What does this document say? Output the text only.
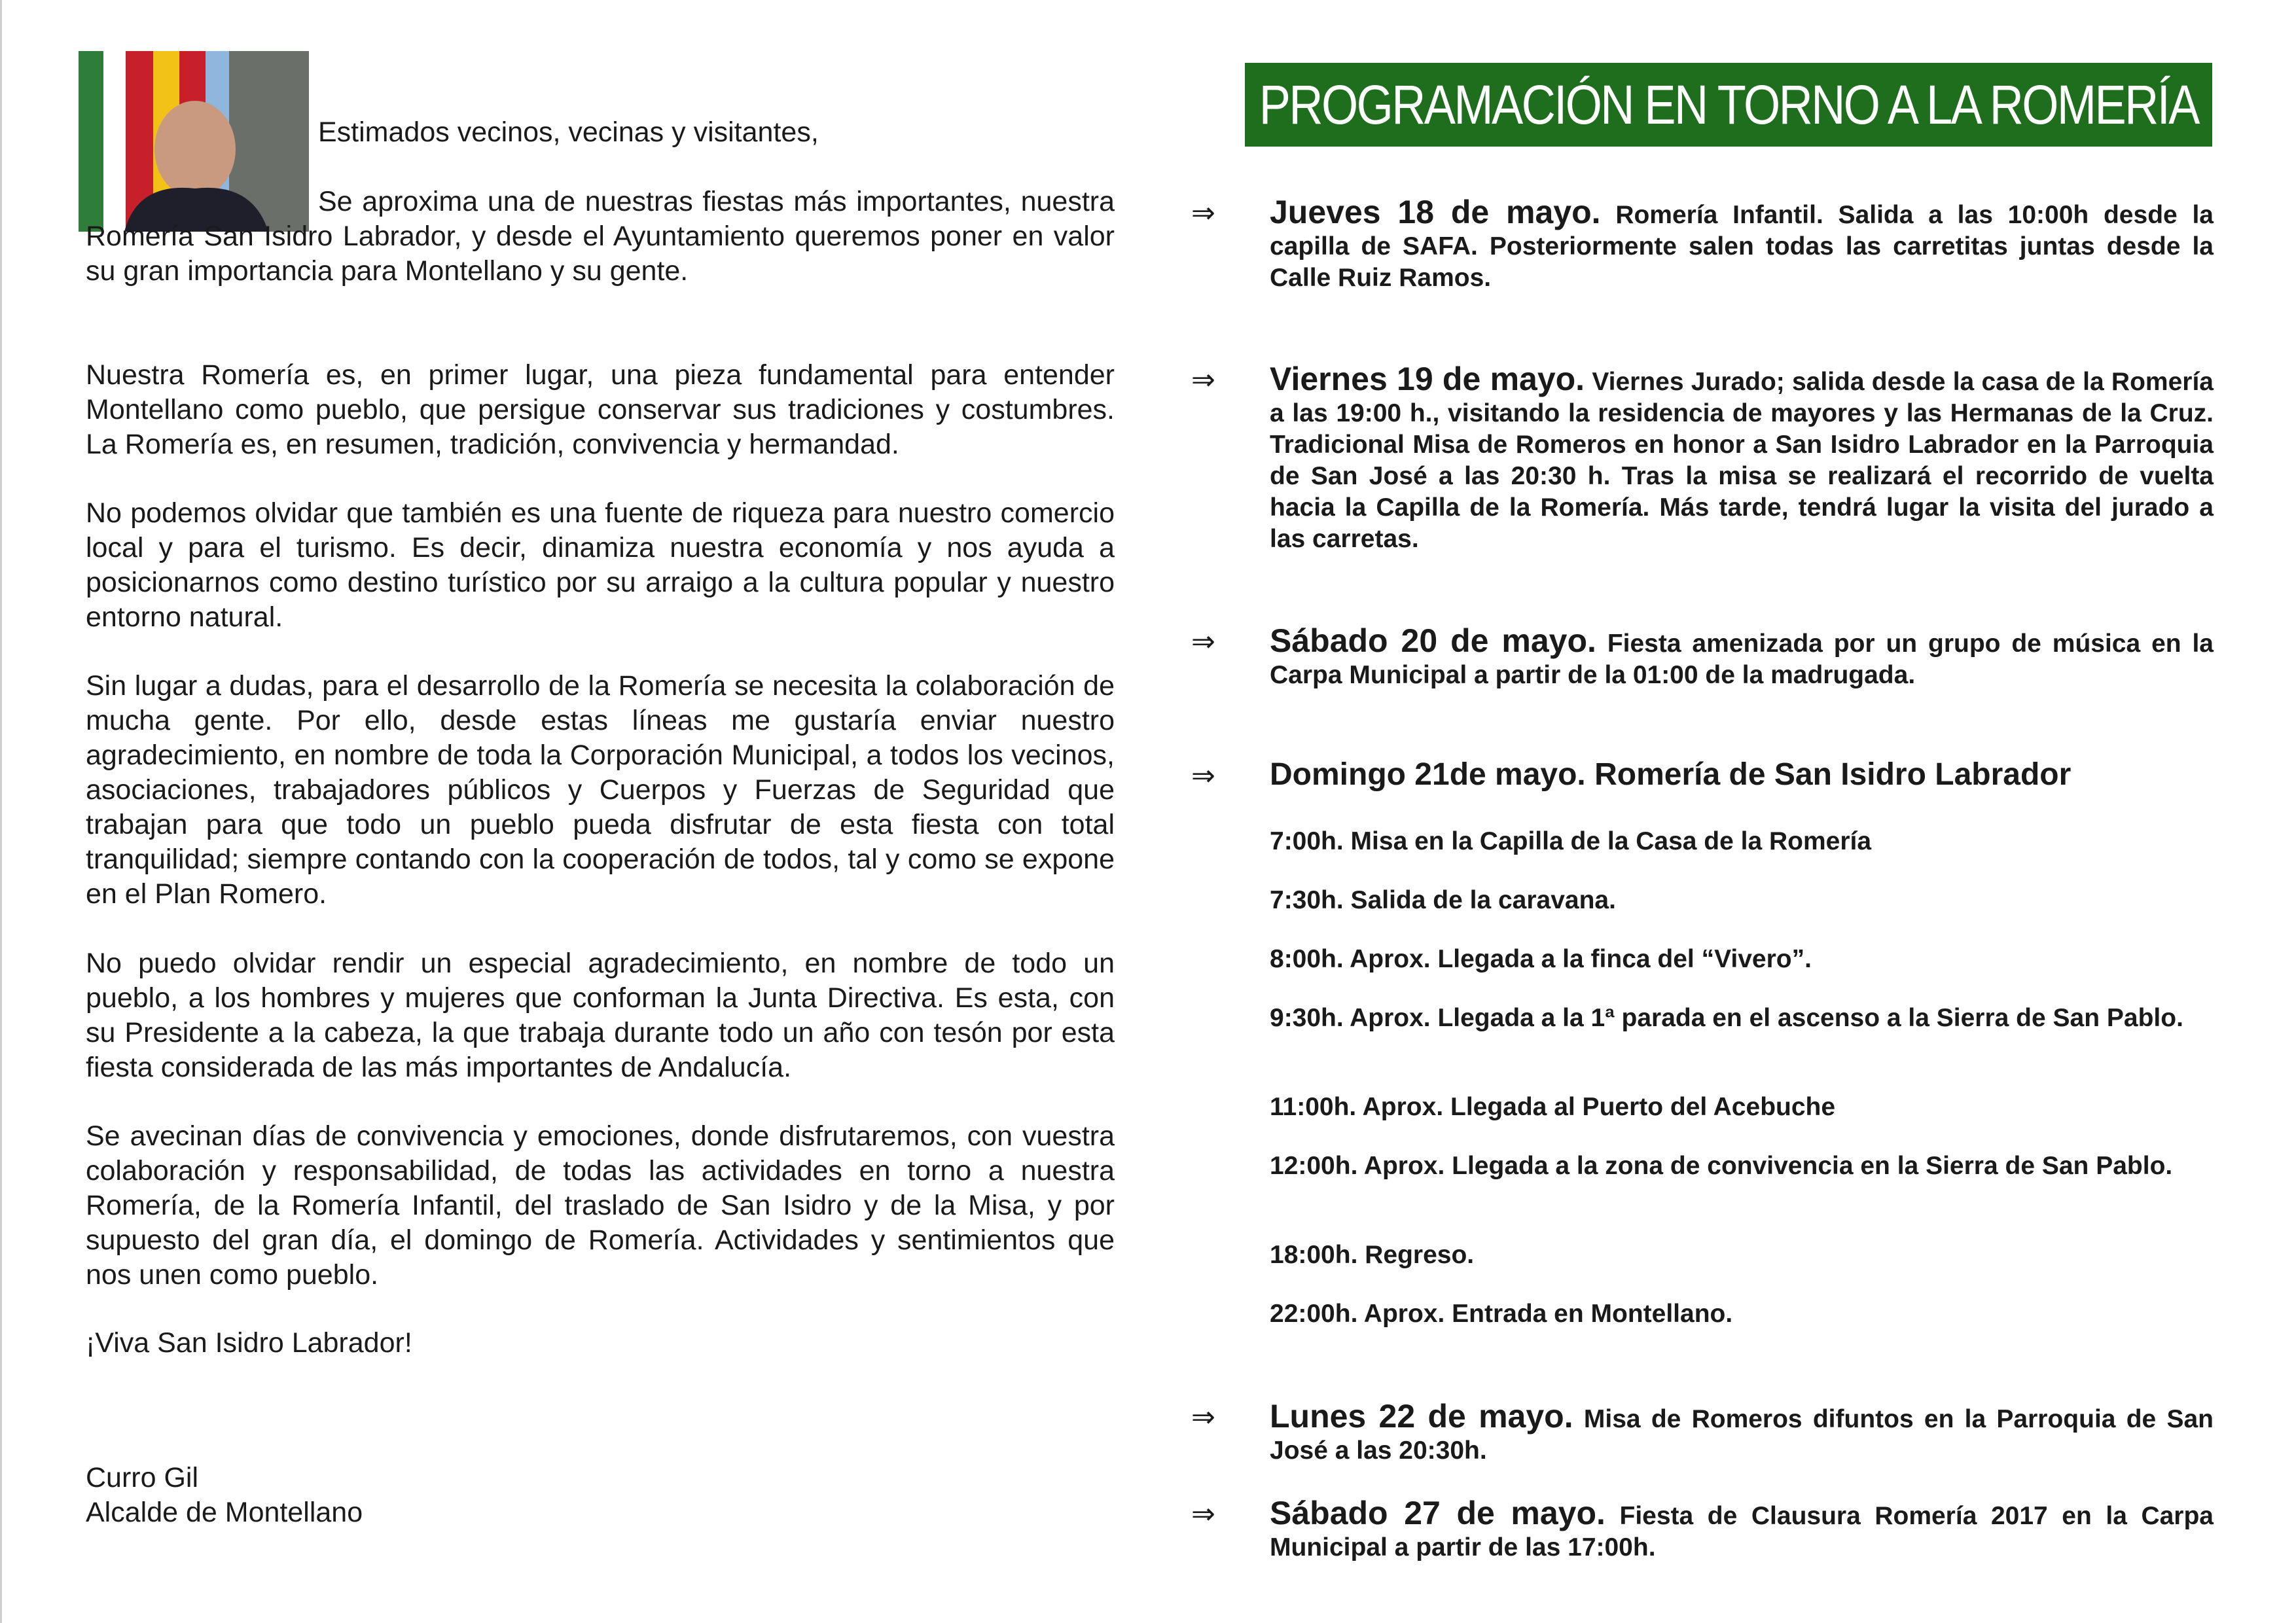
Estimados vecinos, vecinas y visitantes,

Se aproxima una de nuestras fiestas más importantes, nuestra Romería San Isidro Labrador, y desde el Ayuntamiento queremos poner en valor su gran importancia para Montellano y su gente.

Nuestra Romería es, en primer lugar, una pieza fundamental para entender Montellano como pueblo, que persigue conservar sus tradiciones y costumbres. La Romería es, en resumen, tradición, convivencia y hermandad.

No podemos olvidar que también es una fuente de riqueza para nuestro comercio local y para el turismo. Es decir, dinamiza nuestra economía y nos ayuda a posicionarnos como destino turístico por su arraigo a la cultura popular y nuestro entorno natural.

Sin lugar a dudas, para el desarrollo de la Romería se necesita la colaboración de mucha gente. Por ello, desde estas líneas me gustaría enviar nuestro agradecimiento, en nombre de toda la Corporación Municipal, a todos los vecinos, asociaciones, trabajadores públicos y Cuerpos y Fuerzas de Seguridad que trabajan para que todo un pueblo pueda disfrutar de esta fiesta con total tranquilidad; siempre contando con la cooperación de todos, tal y como se expone en el Plan Romero.

No puedo olvidar rendir un especial agradecimiento, en nombre de todo un pueblo, a los hombres y mujeres que conforman la Junta Directiva. Es esta, con su Presidente a la cabeza, la que trabaja durante todo un año con tesón por esta fiesta considerada de las más importantes de Andalucía.

Se avecinan días de convivencia y emociones, donde disfrutaremos, con vuestra colaboración y responsabilidad, de todas las actividades en torno a nuestra Romería, de la Romería Infantil, del traslado de San Isidro y de la Misa, y por supuesto del gran día, el domingo de Romería. Actividades y sentimientos que nos unen como pueblo.

¡Viva San Isidro Labrador!

Curro Gil
Alcalde de Montellano
PROGRAMACIÓN EN TORNO A LA ROMERÍA
⇒	Jueves 18 de mayo. Romería Infantil. Salida a las 10:00h desde la capilla de SAFA. Posteriormente salen todas las carretitas juntas desde la Calle Ruiz Ramos.
⇒	Viernes 19 de mayo. Viernes Jurado; salida desde la casa de la Romería a las 19:00 h., visitando la residencia de mayores y las Hermanas de la Cruz. Tradicional Misa de Romeros en honor a San Isidro Labrador en la Parroquia de San José a las 20:30 h. Tras la misa se realizará el recorrido de vuelta hacia la Capilla de la Romería. Más tarde, tendrá lugar la visita del jurado a las carretas.
⇒	Sábado 20 de mayo. Fiesta amenizada por un grupo de música en la Carpa Municipal a partir de la 01:00 de la madrugada.
⇒	Domingo 21de mayo. Romería de San Isidro Labrador
7:00h. Misa en la Capilla de la Casa de la Romería
7:30h. Salida de la caravana.
8:00h. Aprox. Llegada a la finca del “Vivero”.
9:30h. Aprox. Llegada a la 1ª parada en el ascenso a la Sierra de San Pablo.
11:00h. Aprox. Llegada al Puerto del Acebuche
12:00h. Aprox. Llegada a la zona de convivencia en la Sierra de San Pablo.
18:00h. Regreso.
22:00h. Aprox. Entrada en Montellano.
⇒	Lunes 22 de mayo. Misa de Romeros difuntos en la Parroquia de San José a las 20:30h.
⇒	Sábado 27 de mayo. Fiesta de Clausura Romería 2017 en la Carpa Municipal a partir de las 17:00h.
